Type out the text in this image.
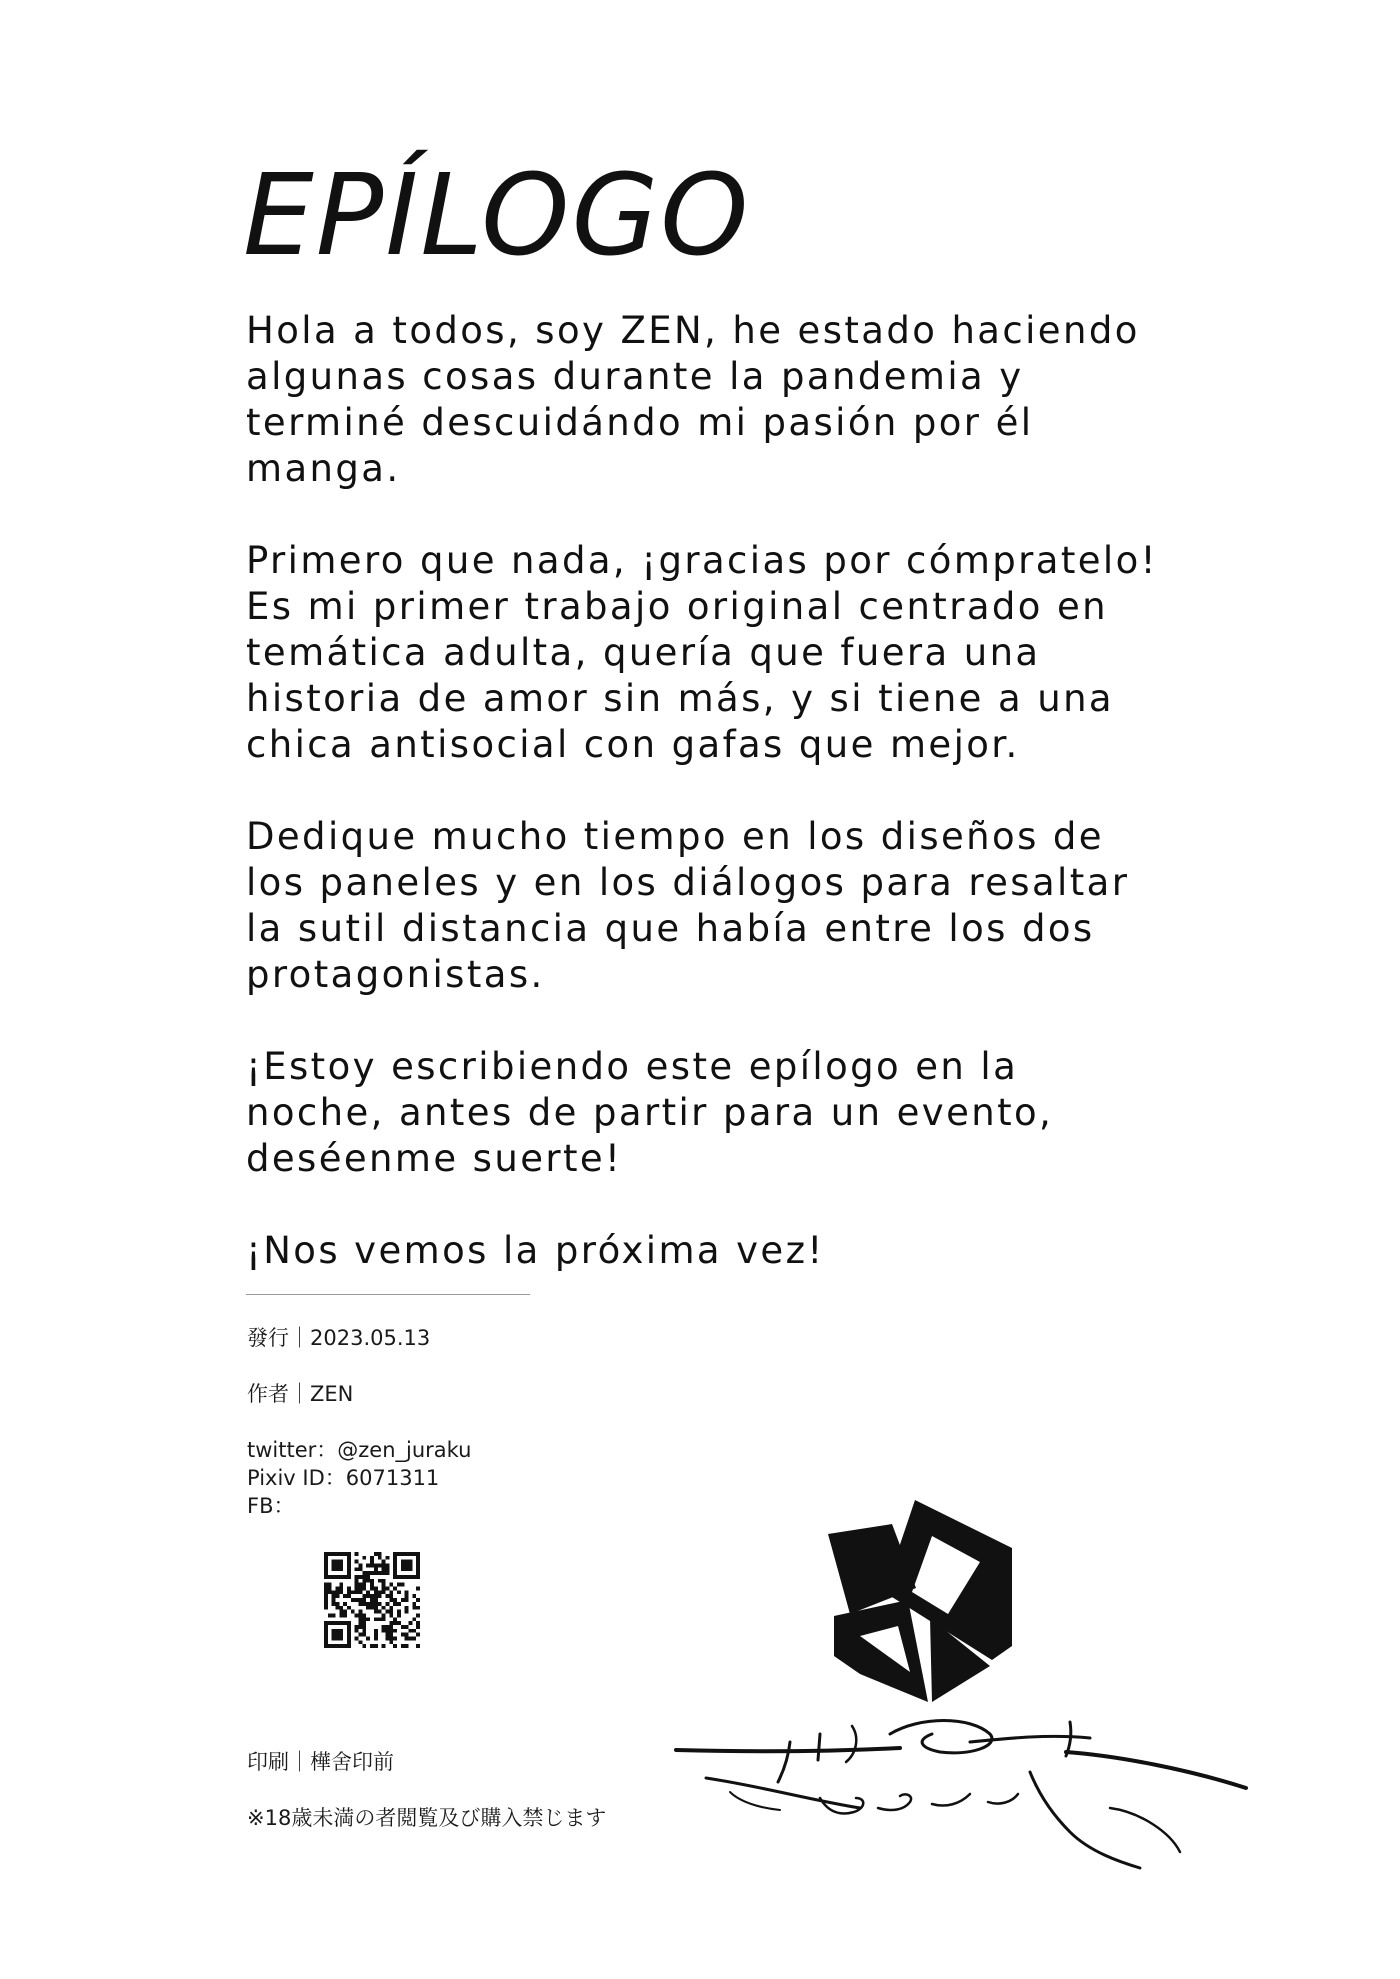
EPÍLOGO

Hola a todos, soy ZEN, he estado haciendo
algunas cosas durante la pandemia y
terminé descuidándo mi pasión por él
manga.

Primero que nada, ¡gracias por cómpratelo!
Es mi primer trabajo original centrado en
temática adulta, quería que fuera una
historia de amor sin más, y si tiene a una
chica antisocial con gafas que mejor.

Dedique mucho tiempo en los diseños de
los paneles y en los diálogos para resaltar
la sutil distancia que había entre los dos
protagonistas.

¡Estoy escribiendo este epílogo en la
noche, antes de partir para un evento,
deséenme suerte!

¡Nos vemos la próxima vez!

發行｜2023.05.13

作者｜ZEN

twitter：@zen_juraku

Pixiv ID：6071311

FB：

印刷｜樺舍印前

※18歳未満の者閲覧及び購入禁じます
